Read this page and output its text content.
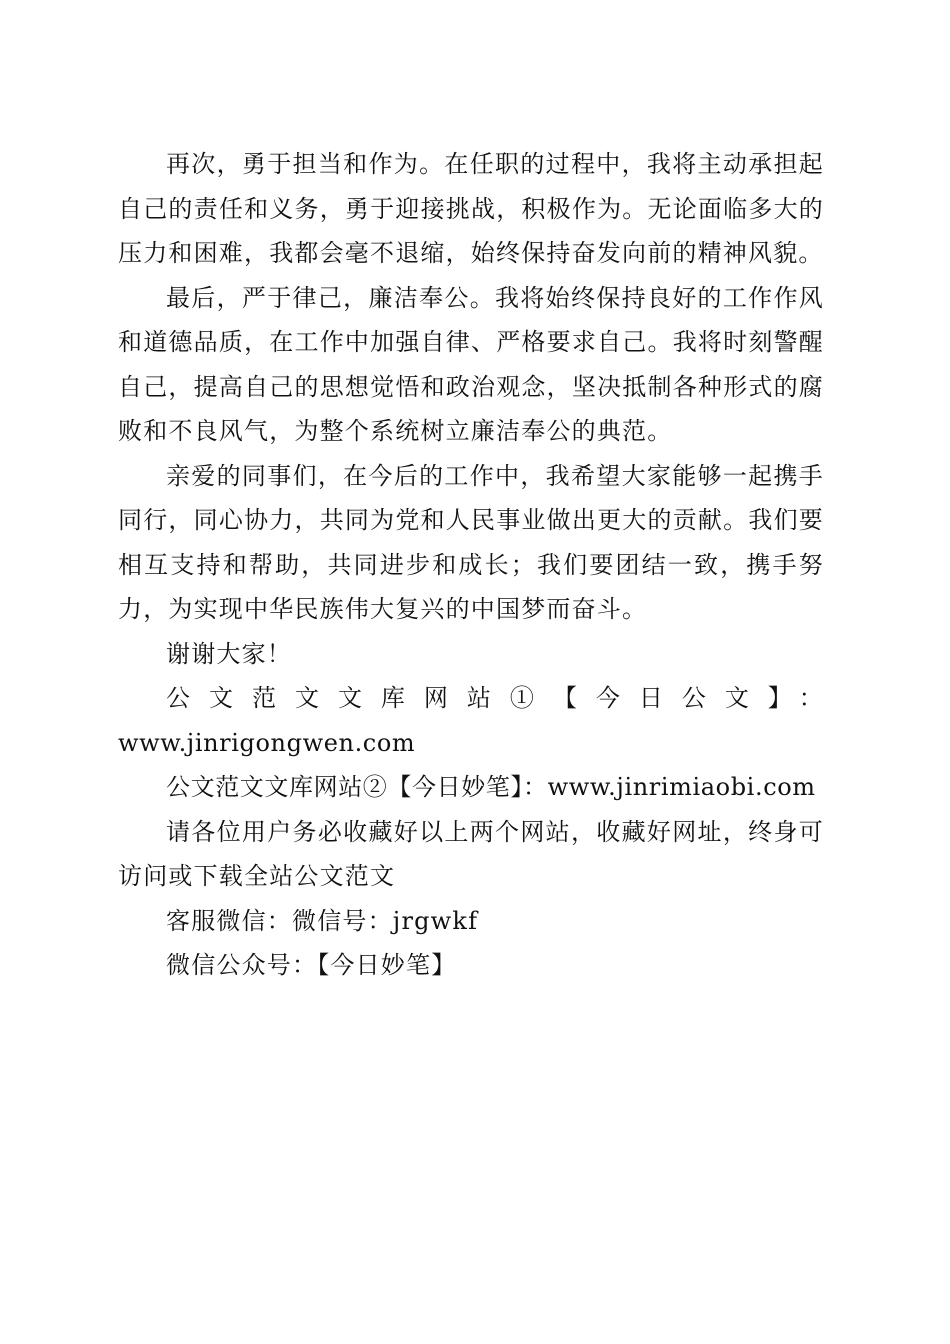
再次，勇于担当和作为。在任职的过程中，我将主动承担起自己的责任和义务，勇于迎接挑战，积极作为。无论面临多大的压力和困难，我都会毫不退缩，始终保持奋发向前的精神风貌。

最后，严于律己，廉洁奉公。我将始终保持良好的工作作风和道德品质，在工作中加强自律、严格要求自己。我将时刻警醒自己，提高自己的思想觉悟和政治观念，坚决抵制各种形式的腐败和不良风气，为整个系统树立廉洁奉公的典范。

亲爱的同事们，在今后的工作中，我希望大家能够一起携手同行，同心协力，共同为党和人民事业做出更大的贡献。我们要相互支持和帮助，共同进步和成长；我们要团结一致，携手努力，为实现中华民族伟大复兴的中国梦而奋斗。

谢谢大家！

公文范文文库网站①【今日公文】：

www.jinrigongwen.com

公文范文文库网站②【今日妙笔】：www.jinrimiaobi.com

请各位用户务必收藏好以上两个网站，收藏好网址，终身可访问或下载全站公文范文

客服微信：微信号：jrgwkf

微信公众号：【今日妙笔】
